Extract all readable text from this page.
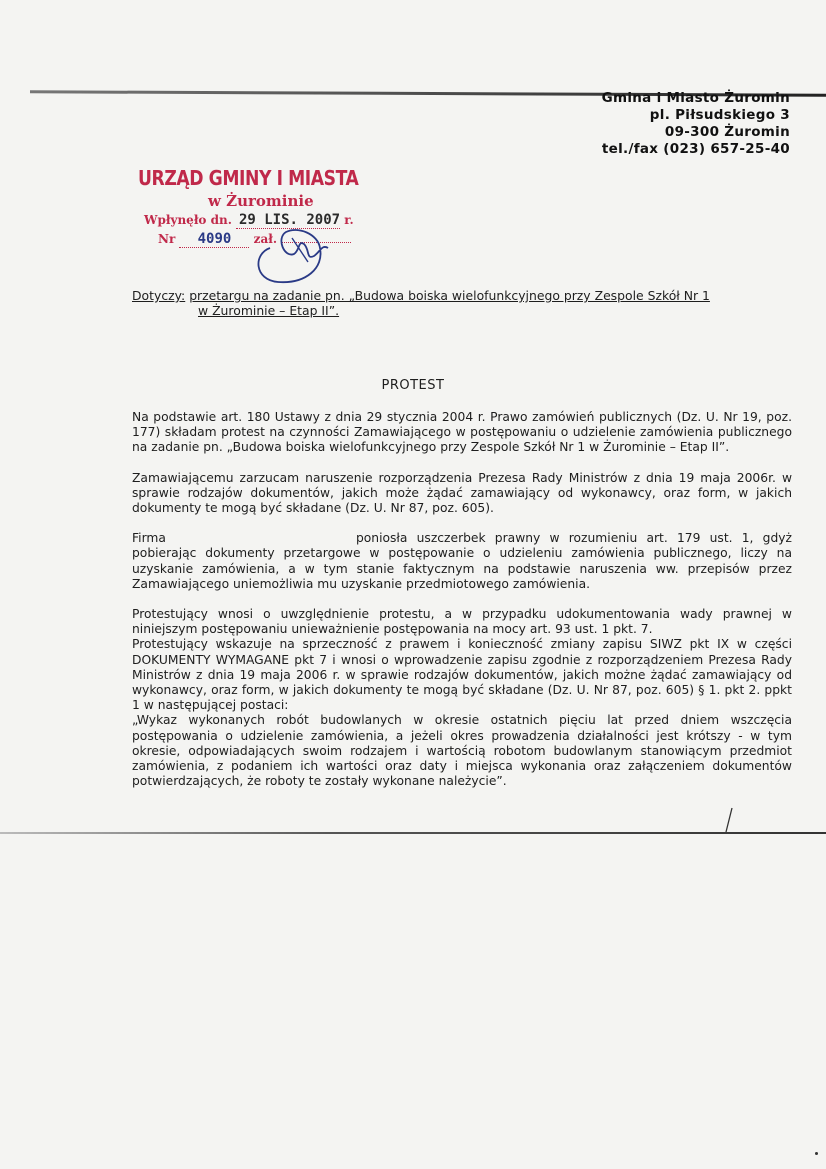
Gmina i Miasto Żuromin
pl. Piłsudskiego 3
09-300 Żuromin
tel./fax (023) 657-25-40
URZĄD GMINY I MIASTA
w Żurominie
Wpłynęło dn. 29 LIS. 2007 r.
Nr 4090 zał.
Dotyczy: przetargu na zadanie pn. „Budowa boiska wielofunkcyjnego przy Zespole Szkół Nr 1
w Żurominie – Etap II”.
PROTEST

Na podstawie art. 180 Ustawy z dnia 29 stycznia 2004 r. Prawo zamówień publicznych (Dz. U. Nr 19, poz. 177) składam protest na czynności Zamawiającego w postępowaniu o udzielenie zamówienia publicznego na zadanie pn. „Budowa boiska wielofunkcyjnego przy Zespole Szkół Nr 1 w Żurominie – Etap II”.

Zamawiającemu zarzucam naruszenie rozporządzenia Prezesa Rady Ministrów z dnia 19 maja 2006r. w sprawie rodzajów dokumentów, jakich może żądać zamawiający od wykonawcy, oraz form, w jakich dokumenty te mogą być składane (Dz. U. Nr 87, poz. 605).

Firma	poniosła uszczerbek prawny w rozumieniu art. 179 ust. 1, gdyż pobierając dokumenty przetargowe w postępowanie o udzieleniu zamówienia publicznego, liczy na uzyskanie zamówienia, a w tym stanie faktycznym na podstawie naruszenia ww. przepisów przez Zamawiającego uniemożliwia mu uzyskanie przedmiotowego zamówienia.

Protestujący wnosi o uwzględnienie protestu, a w przypadku udokumentowania wady prawnej w niniejszym postępowaniu unieważnienie postępowania na mocy art. 93 ust. 1 pkt. 7.

Protestujący wskazuje na sprzeczność z prawem i konieczność zmiany zapisu SIWZ pkt IX w części DOKUMENTY WYMAGANE pkt 7 i wnosi o wprowadzenie zapisu zgodnie z rozporządzeniem Prezesa Rady Ministrów z dnia 19 maja 2006 r. w sprawie rodzajów dokumentów, jakich możne żądać zamawiający od wykonawcy, oraz form, w jakich dokumenty te mogą być składane (Dz. U. Nr 87, poz. 605) § 1. pkt 2. ppkt 1 w następującej postaci:

„Wykaz wykonanych robót budowlanych w okresie ostatnich pięciu lat przed dniem wszczęcia postępowania o udzielenie zamówienia, a jeżeli okres prowadzenia działalności jest krótszy - w tym okresie, odpowiadających swoim rodzajem i wartością robotom budowlanym stanowiącym przedmiot zamówienia, z podaniem ich wartości oraz daty i miejsca wykonania oraz załączeniem dokumentów potwierdzających, że roboty te zostały wykonane należycie”.
